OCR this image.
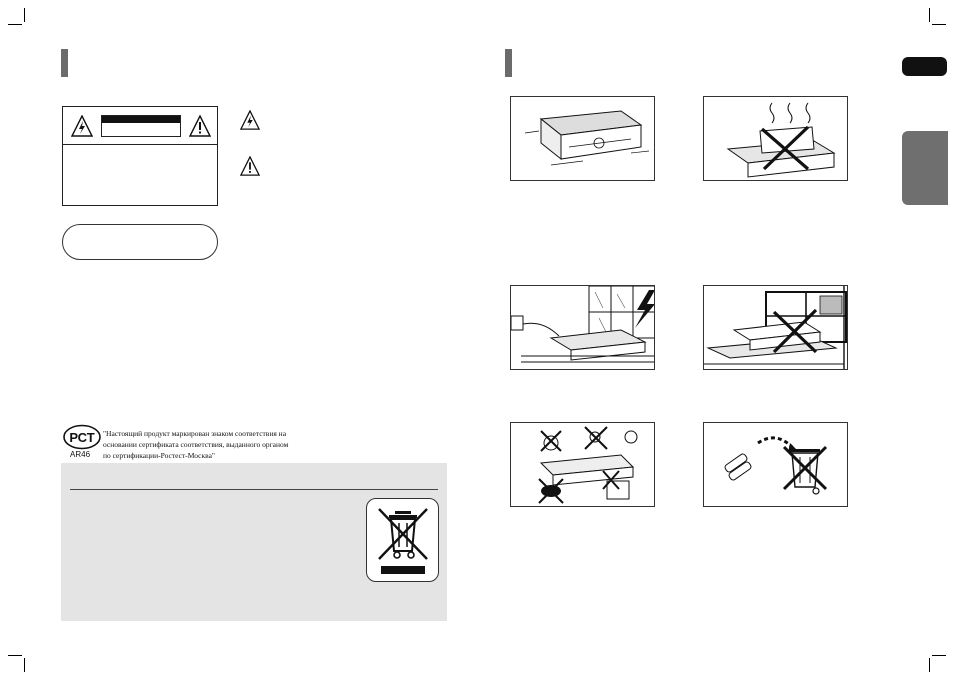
РСТ
AR46
"Настоящий продукт маркирован знаком соответствия на
основании сертификата соответствия, выданного органом
по сертификации-Ростест-Москва"
